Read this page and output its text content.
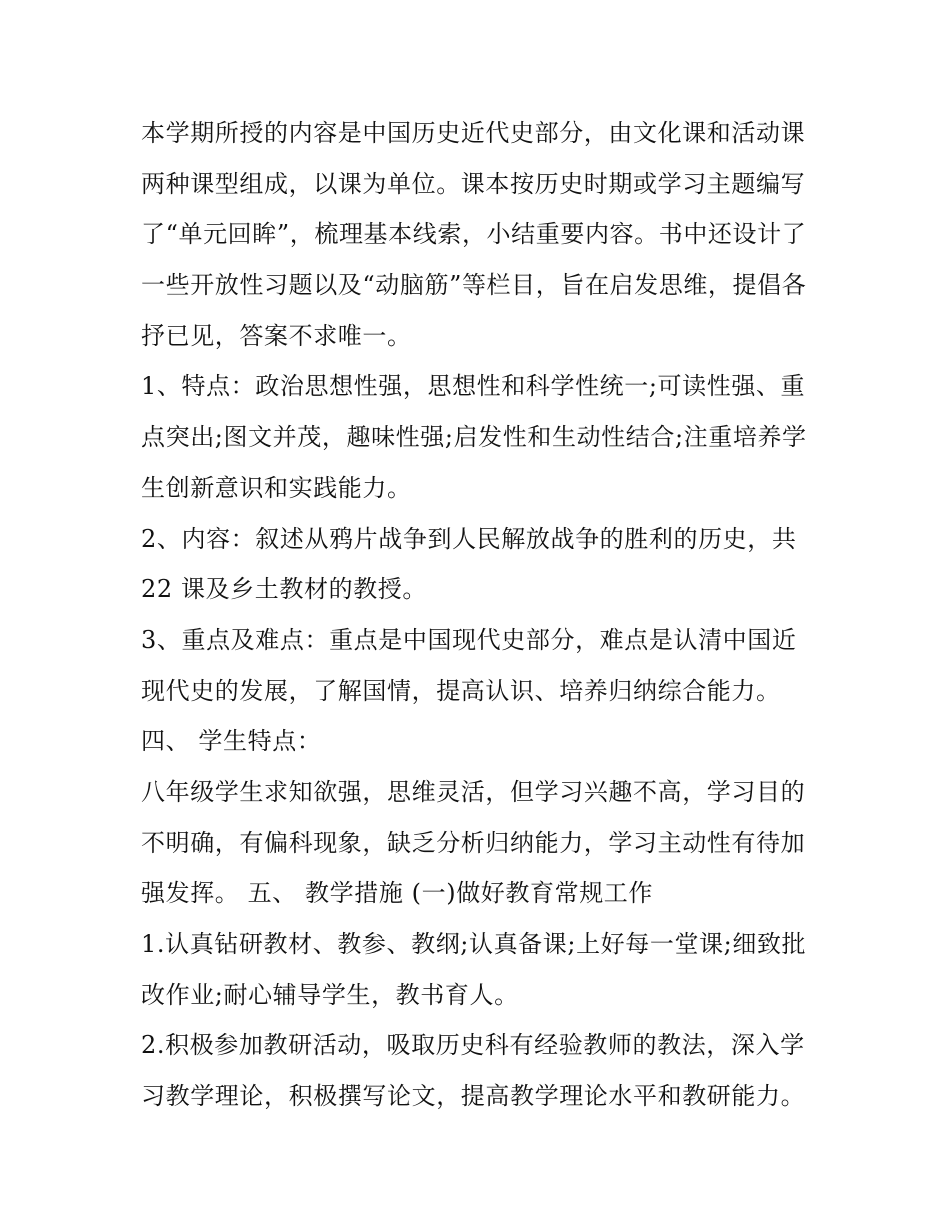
本学期所授的内容是中国历史近代史部分，由文化课和活动课
两种课型组成，以课为单位。课本按历史时期或学习主题编写
了“单元回眸”，梳理基本线索，小结重要内容。书中还设计了
一些开放性习题以及“动脑筋”等栏目，旨在启发思维，提倡各
抒已见，答案不求唯一。
1、特点：政治思想性强，思想性和科学性统一;可读性强、重
点突出;图文并茂，趣味性强;启发性和生动性结合;注重培养学
生创新意识和实践能力。
2、内容：叙述从鸦片战争到人民解放战争的胜利的历史，共
22 课及乡土教材的教授。
3、重点及难点：重点是中国现代史部分，难点是认清中国近
现代史的发展，了解国情，提高认识、培养归纳综合能力。
四、 学生特点：
八年级学生求知欲强，思维灵活，但学习兴趣不高，学习目的
不明确，有偏科现象，缺乏分析归纳能力，学习主动性有待加
强发挥。 五、 教学措施 (一)做好教育常规工作
1.认真钻研教材、教参、教纲;认真备课;上好每一堂课;细致批
改作业;耐心辅导学生，教书育人。
2.积极参加教研活动，吸取历史科有经验教师的教法，深入学
习教学理论，积极撰写论文，提高教学理论水平和教研能力。
